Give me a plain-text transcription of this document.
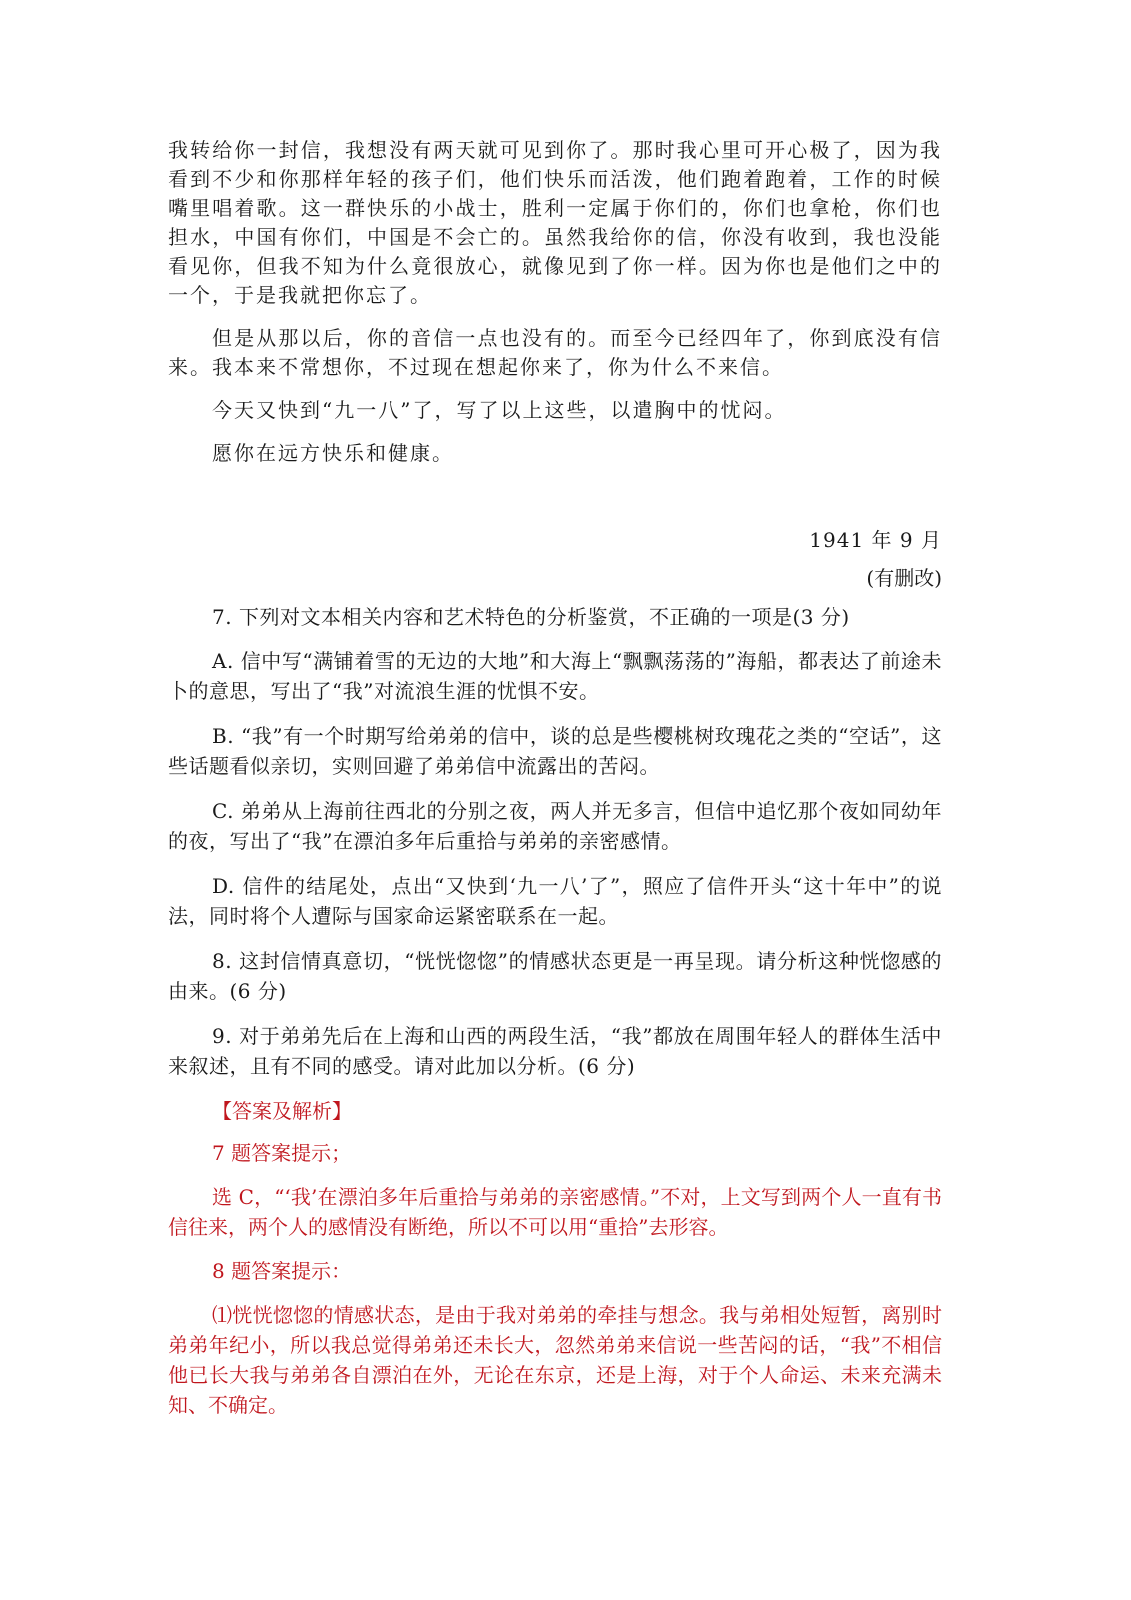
我转给你一封信，我想没有两天就可见到你了。那时我心里可开心极了，因为我看到不少和你那样年轻的孩子们，他们快乐而活泼，他们跑着跑着，工作的时候嘴里唱着歌。这一群快乐的小战士，胜利一定属于你们的，你们也拿枪，你们也担水，中国有你们，中国是不会亡的。虽然我给你的信，你没有收到，我也没能看见你，但我不知为什么竟很放心，就像见到了你一样。因为你也是他们之中的一个，于是我就把你忘了。

但是从那以后，你的音信一点也没有的。而至今已经四年了，你到底没有信来。我本来不常想你，不过现在想起你来了，你为什么不来信。

今天又快到“九一八”了，写了以上这些，以遣胸中的忧闷。

愿你在远方快乐和健康。

1941 年 9 月
(有删改)

7. 下列对文本相关内容和艺术特色的分析鉴赏，不正确的一项是(3 分)

A. 信中写“满铺着雪的无边的大地”和大海上“飘飘荡荡的”海船，都表达了前途未卜的意思，写出了“我”对流浪生涯的忧惧不安。

B. “我”有一个时期写给弟弟的信中，谈的总是些樱桃树玫瑰花之类的“空话”，这些话题看似亲切，实则回避了弟弟信中流露出的苦闷。

C. 弟弟从上海前往西北的分别之夜，两人并无多言，但信中追忆那个夜如同幼年的夜，写出了“我”在漂泊多年后重拾与弟弟的亲密感情。

D. 信件的结尾处，点出“又快到‘九一八’了”，照应了信件开头“这十年中”的说法，同时将个人遭际与国家命运紧密联系在一起。

8. 这封信情真意切，“恍恍惚惚”的情感状态更是一再呈现。请分析这种恍惚感的由来。(6 分)

9. 对于弟弟先后在上海和山西的两段生活，“我”都放在周围年轻人的群体生活中来叙述，且有不同的感受。请对此加以分析。(6 分)

【答案及解析】

7 题答案提示；

选 C，“‘我’在漂泊多年后重拾与弟弟的亲密感情。”不对，上文写到两个人一直有书信往来，两个人的感情没有断绝，所以不可以用“重拾”去形容。

8 题答案提示：

⑴恍恍惚惚的情感状态，是由于我对弟弟的牵挂与想念。我与弟相处短暂，离别时弟弟年纪小，所以我总觉得弟弟还未长大，忽然弟弟来信说一些苦闷的话，“我”不相信他已长大我与弟弟各自漂泊在外，无论在东京，还是上海，对于个人命运、未来充满未知、不确定。
